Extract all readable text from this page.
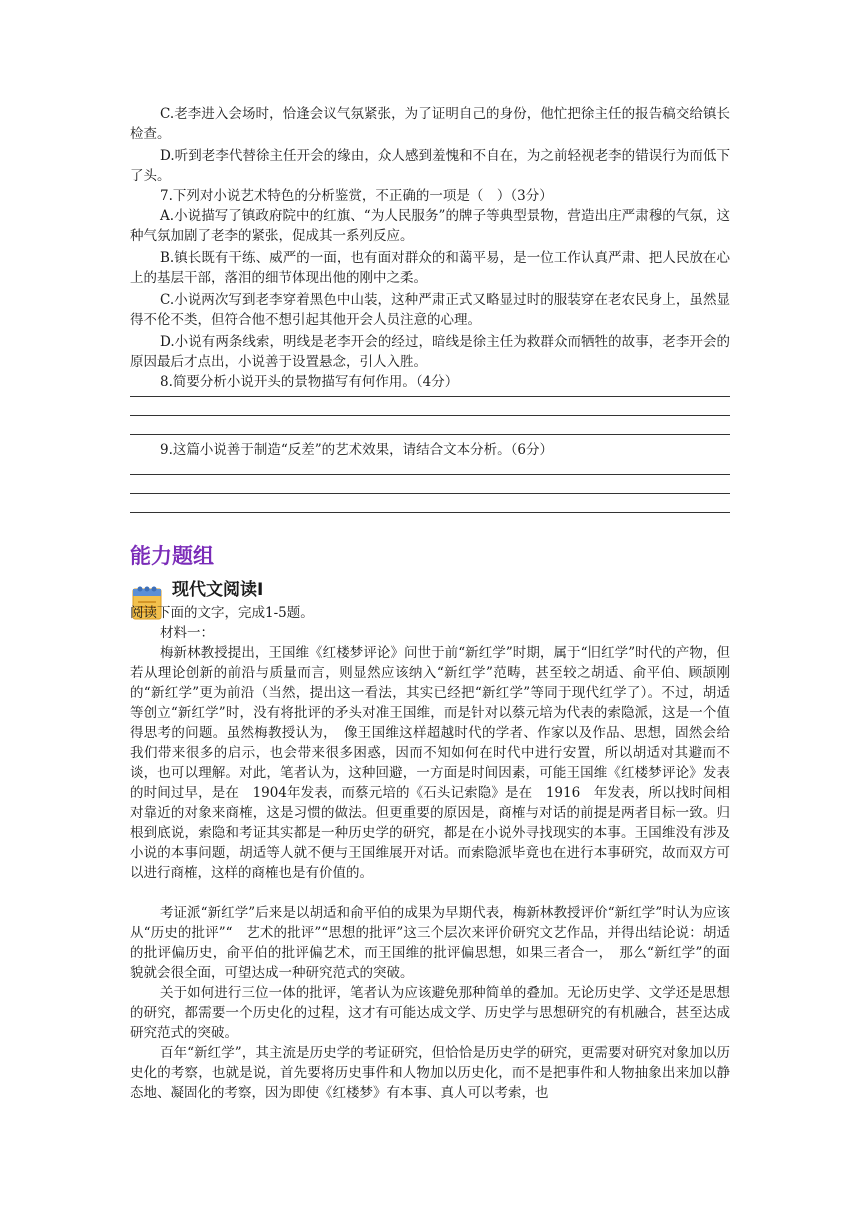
C.老李进入会场时，恰逢会议气氛紧张，为了证明自己的身份，他忙把徐主任的报告稿交给镇长检查。

D.听到老李代替徐主任开会的缘由，众人感到羞愧和不自在，为之前轻视老李的错误行为而低下了头。

7.下列对小说艺术特色的分析鉴赏，不正确的一项是（　）（3分）

A.小说描写了镇政府院中的红旗、“为人民服务”的牌子等典型景物，营造出庄严肃穆的气氛，这种气氛加剧了老李的紧张，促成其一系列反应。

B.镇长既有干练、威严的一面，也有面对群众的和蔼平易，是一位工作认真严肃、把人民放在心上的基层干部，落泪的细节体现出他的刚中之柔。

C.小说两次写到老李穿着黑色中山装，这种严肃正式又略显过时的服装穿在老农民身上，虽然显得不伦不类，但符合他不想引起其他开会人员注意的心理。

D.小说有两条线索，明线是老李开会的经过，暗线是徐主任为救群众而牺牲的故事，老李开会的原因最后才点出，小说善于设置悬念，引人入胜。

8.简要分析小说开头的景物描写有何作用。（4分）

9.这篇小说善于制造“反差”的艺术效果，请结合文本分析。（6分）

能力题组
现代文阅读Ⅰ

阅读下面的文字，完成1-5题。

材料一：

梅新林教授提出，王国维《红楼梦评论》问世于前“新红学”时期，属于“旧红学”时代的产物，但若从理论创新的前沿与质量而言，则显然应该纳入“新红学”范畴，甚至较之胡适、俞平伯、顾颉刚的“新红学”更为前沿（当然，提出这一看法，其实已经把“新红学”等同于现代红学了）。不过，胡适等创立“新红学”时，没有将批评的矛头对准王国维，而是针对以蔡元培为代表的索隐派，这是一个值得思考的问题。虽然梅教授认为，　像王国维这样超越时代的学者、作家以及作品、思想，固然会给我们带来很多的启示，也会带来很多困惑，因而不知如何在时代中进行安置，所以胡适对其避而不谈，也可以理解。对此，笔者认为，这种回避，一方面是时间因素，可能王国维《红楼梦评论》发表的时间过早，是在　1904年发表，而蔡元培的《石头记索隐》是在　1916　年发表，所以找时间相对靠近的对象来商榷，这是习惯的做法。但更重要的原因是，商榷与对话的前提是两者目标一致。归根到底说，索隐和考证其实都是一种历史学的研究，都是在小说外寻找现实的本事。王国维没有涉及小说的本事问题，胡适等人就不便与王国维展开对话。而索隐派毕竟也在进行本事研究，故而双方可以进行商榷，这样的商榷也是有价值的。

考证派“新红学”后来是以胡适和俞平伯的成果为早期代表，梅新林教授评价“新红学”时认为应该从“历史的批评”“　艺术的批评”“思想的批评”这三个层次来评价研究文艺作品，并得出结论说：胡适的批评偏历史，俞平伯的批评偏艺术，而王国维的批评偏思想，如果三者合一，　那么“新红学”的面貌就会很全面，可望达成一种研究范式的突破。

关于如何进行三位一体的批评，笔者认为应该避免那种简单的叠加。无论历史学、文学还是思想的研究，都需要一个历史化的过程，这才有可能达成文学、历史学与思想研究的有机融合，甚至达成研究范式的突破。

百年“新红学”，其主流是历史学的考证研究，但恰恰是历史学的研究，更需要对研究对象加以历史化的考察，也就是说，首先要将历史事件和人物加以历史化，而不是把事件和人物抽象出来加以静态地、凝固化的考察，因为即使《红楼梦》有本事、真人可以考索，也
